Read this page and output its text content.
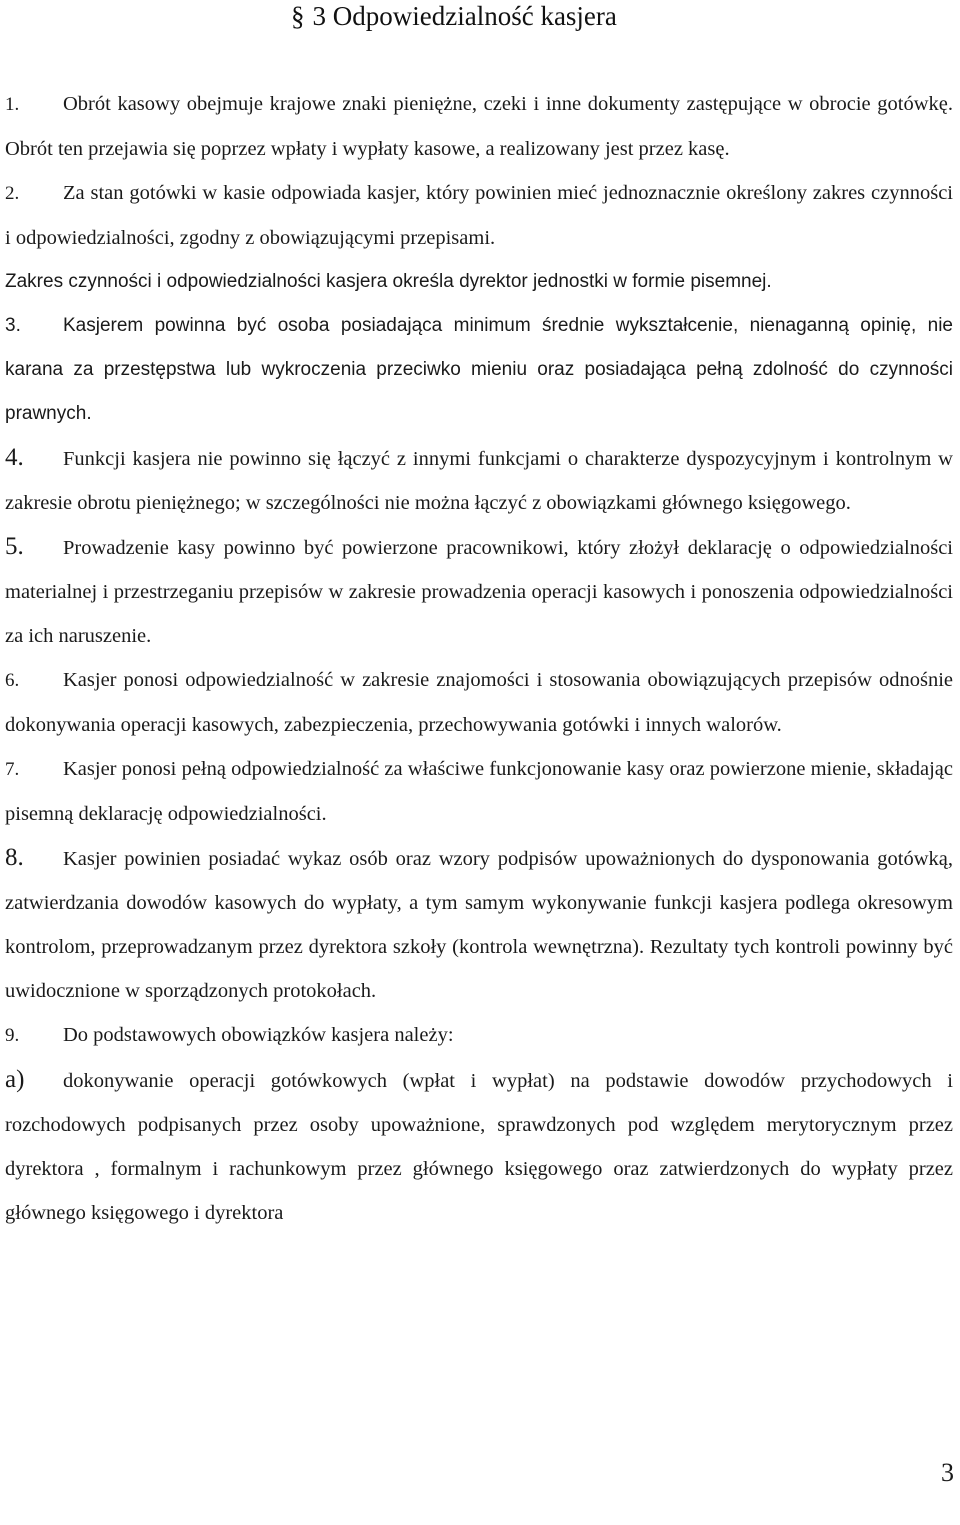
§ 3 Odpowiedzialność kasjera

1. Obrót kasowy obejmuje krajowe znaki pieniężne, czeki i inne dokumenty zastępujące w obrocie gotówkę. Obrót ten przejawia się poprzez wpłaty i wypłaty kasowe, a realizowany jest przez kasę.

2. Za stan gotówki w kasie odpowiada kasjer, który powinien mieć jednoznacznie określony zakres czynności i odpowiedzialności, zgodny z obowiązującymi przepisami.

Zakres czynności i odpowiedzialności kasjera określa dyrektor jednostki w formie pisemnej.

3. Kasjerem powinna być osoba posiadająca minimum średnie wykształcenie, nienaganną opinię, nie karana za przestępstwa lub wykroczenia przeciwko mieniu oraz posiadająca pełną zdolność do czynności prawnych.

4. Funkcji kasjera nie powinno się łączyć z innymi funkcjami o charakterze dyspozycyjnym i kontrolnym w zakresie obrotu pieniężnego; w szczególności nie można łączyć z obowiązkami głównego księgowego.

5. Prowadzenie kasy powinno być powierzone pracownikowi, który złożył deklarację o odpowiedzialności materialnej i przestrzeganiu przepisów w zakresie prowadzenia operacji kasowych i ponoszenia odpowiedzialności za ich naruszenie.

6. Kasjer ponosi odpowiedzialność w zakresie znajomości i stosowania obowiązujących przepisów odnośnie dokonywania operacji kasowych, zabezpieczenia, przechowywania gotówki i innych walorów.

7. Kasjer ponosi pełną odpowiedzialność za właściwe funkcjonowanie kasy oraz powierzone mienie, składając pisemną deklarację odpowiedzialności.

8. Kasjer powinien posiadać wykaz osób oraz wzory podpisów upoważnionych do dysponowania gotówką, zatwierdzania dowodów kasowych do wypłaty, a tym samym wykonywanie funkcji kasjera podlega okresowym kontrolom, przeprowadzanym przez dyrektora szkoły (kontrola wewnętrzna). Rezultaty tych kontroli powinny być uwidocznione w sporządzonych protokołach.

9. Do podstawowych obowiązków kasjera należy:

a) dokonywanie operacji gotówkowych (wpłat i wypłat) na podstawie dowodów przychodowych i rozchodowych podpisanych przez osoby upoważnione, sprawdzonych pod względem merytorycznym przez dyrektora , formalnym i rachunkowym przez głównego księgowego oraz zatwierdzonych do wypłaty przez głównego księgowego i dyrektora

3
